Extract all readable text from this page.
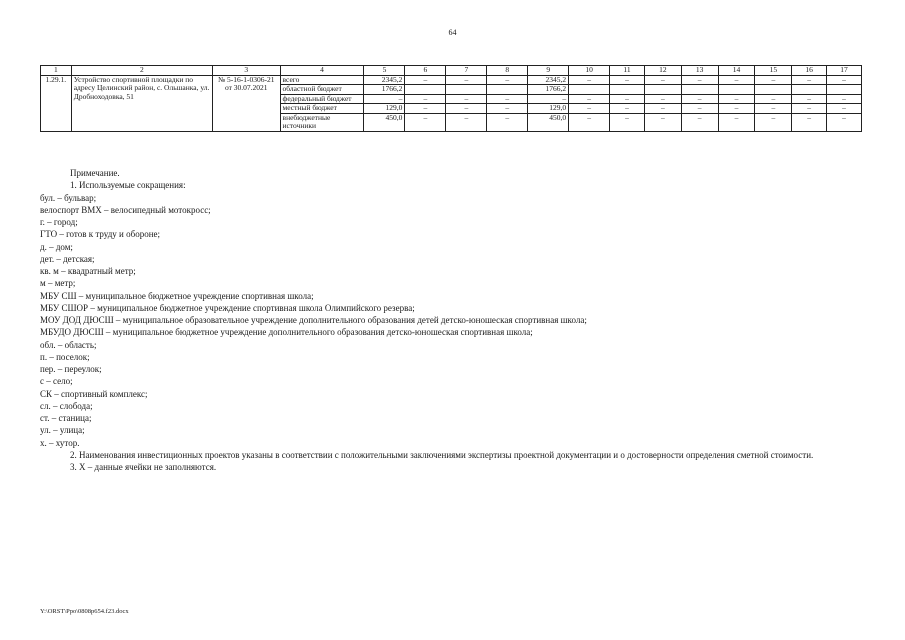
64
1	2	3	4	5	6	7	8	9	10	11	12	13	14	15	16	17
1.29.1.	Устройство спортивной площадки по адресу Целинский район, с. Ольшанка, ул. Дробноходовка, 51	№ 5-16-1-0306-21 от 30.07.2021	всего	2345,2	–	–	–	2345,2	–	–	–	–	–	–	–	–
			областной бюджет	1766,2				1766,2								
			федеральный бюджет	–	–	–	–	–	–	–	–	–	–	–	–	–
			местный бюджет	129,0	–	–	–	129,0	–	–	–	–	–	–	–	–
			внебюджетные источники	450,0	–	–	–	450,0	–	–	–	–	–	–	–	–

Примечание.

1. Используемые сокращения:

бул. – бульвар;

велоспорт ВМХ – велосипедный мотокросс;

г. – город;

ГТО – готов к труду и обороне;

д. – дом;

дет. – детская;

кв. м – квадратный метр;

м – метр;

МБУ СШ – муниципальное бюджетное учреждение спортивная школа;

МБУ СШОР – муниципальное бюджетное учреждение спортивная школа Олимпийского резерва;

МОУ ДОД ДЮСШ – муниципальное образовательное учреждение дополнительного образования детей детско-юношеская спортивная школа;

МБУДО ДЮСШ – муниципальное бюджетное учреждение дополнительного образования детско-юношеская спортивная школа;

обл. – область;

п. – поселок;

пер. – переулок;

с – село;

СК – спортивный комплекс;

сл. – слобода;

ст. – станица;

ул. – улица;

х. – хутор.

2. Наименования инвестиционных проектов указаны в соответствии с положительными заключениями экспертизы проектной документации и о достоверности определения сметной стоимости.

3. Х – данные ячейки не заполняются.

Y:\ORST\Ppo\0808p654.f23.docx
